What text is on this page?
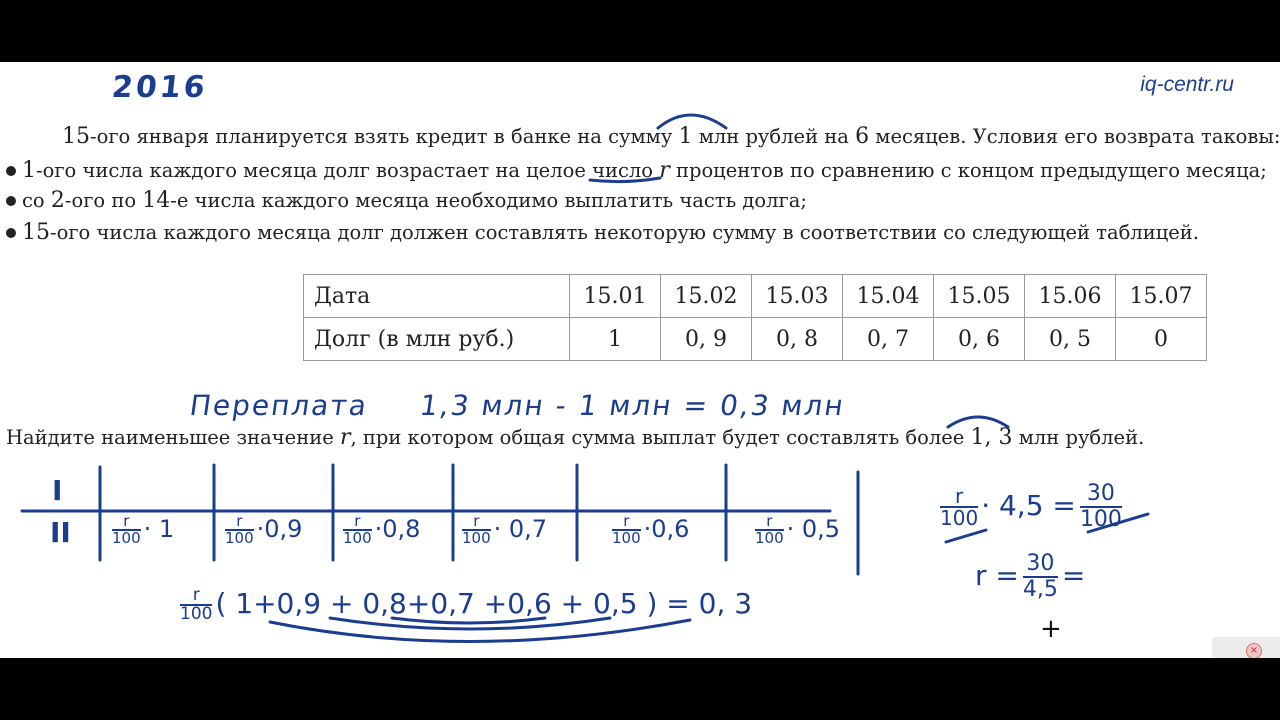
2016	iq-centr.ru
15-ого января планируется взять кредит в банке на сумму 1 млн рублей на 6 месяцев. Условия его возврата таковы:
1-ого числа каждого месяца долг возрастает на целое число r процентов по сравнению с концом предыдущего месяца;
со 2-ого по 14-е числа каждого месяца необходимо выплатить часть долга;
15-ого числа каждого месяца долг должен составлять некоторую сумму в соответствии со следующей таблицей.
Дата	15.01	15.02	15.03	15.04	15.05	15.06	15.07
Долг (в млн руб.)	1	0, 9	0, 8	0, 7	0, 6	0, 5	0
Переплата 1,3 млн - 1 млн = 0,3 млн
Найдите наименьшее значение r, при котором общая сумма выплат будет составлять более 1, 3 млн рублей.
I
II	$\frac{r}{100} \cdot 1$	$\frac{r}{100} \cdot 0,9$	$\frac{r}{100} \cdot 0,8$	$\frac{r}{100} \cdot 0,7$	$\frac{r}{100} \cdot 0,6$	$\frac{r}{100} \cdot 0,5$
$\frac{r}{100}$ ( 1+0,9 + 0,8+0,7 +0,6 + 0,5 ) = 0, 3
$\frac{r}{100} \cdot 4,5 = \frac{30}{100}$
$r = \frac{30}{4,5}$ =
+
×
